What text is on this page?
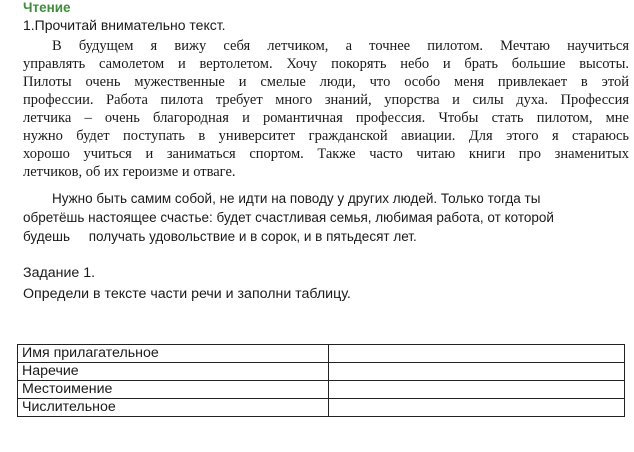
Чтение
1.Прочитай внимательно текст.
В будущем я вижу себя летчиком, а точнее пилотом. Мечтаю научиться
управлять самолетом и вертолетом. Хочу покорять небо и брать большие высоты.
Пилоты очень мужественные и смелые люди, что особо меня привлекает в этой
профессии. Работа пилота требует много знаний, упорства и силы духа. Профессия
летчика – очень благородная и романтичная профессия. Чтобы стать пилотом, мне
нужно будет поступать в университет гражданской авиации. Для этого я стараюсь
хорошо учиться и заниматься спортом. Также часто читаю книги про знаменитых
летчиков, об их героизме и отваге.
Нужно быть самим собой, не идти на поводу у других людей. Только тогда ты
обретёшь настоящее счастье: будет счастливая семья, любимая работа, от которой
будешь     получать удовольствие и в сорок, и в пятьдесят лет.
Задание 1.
Определи в тексте части речи и заполни таблицу.
Имя прилагательное	
Наречие	
Местоимение	
Числительное	
